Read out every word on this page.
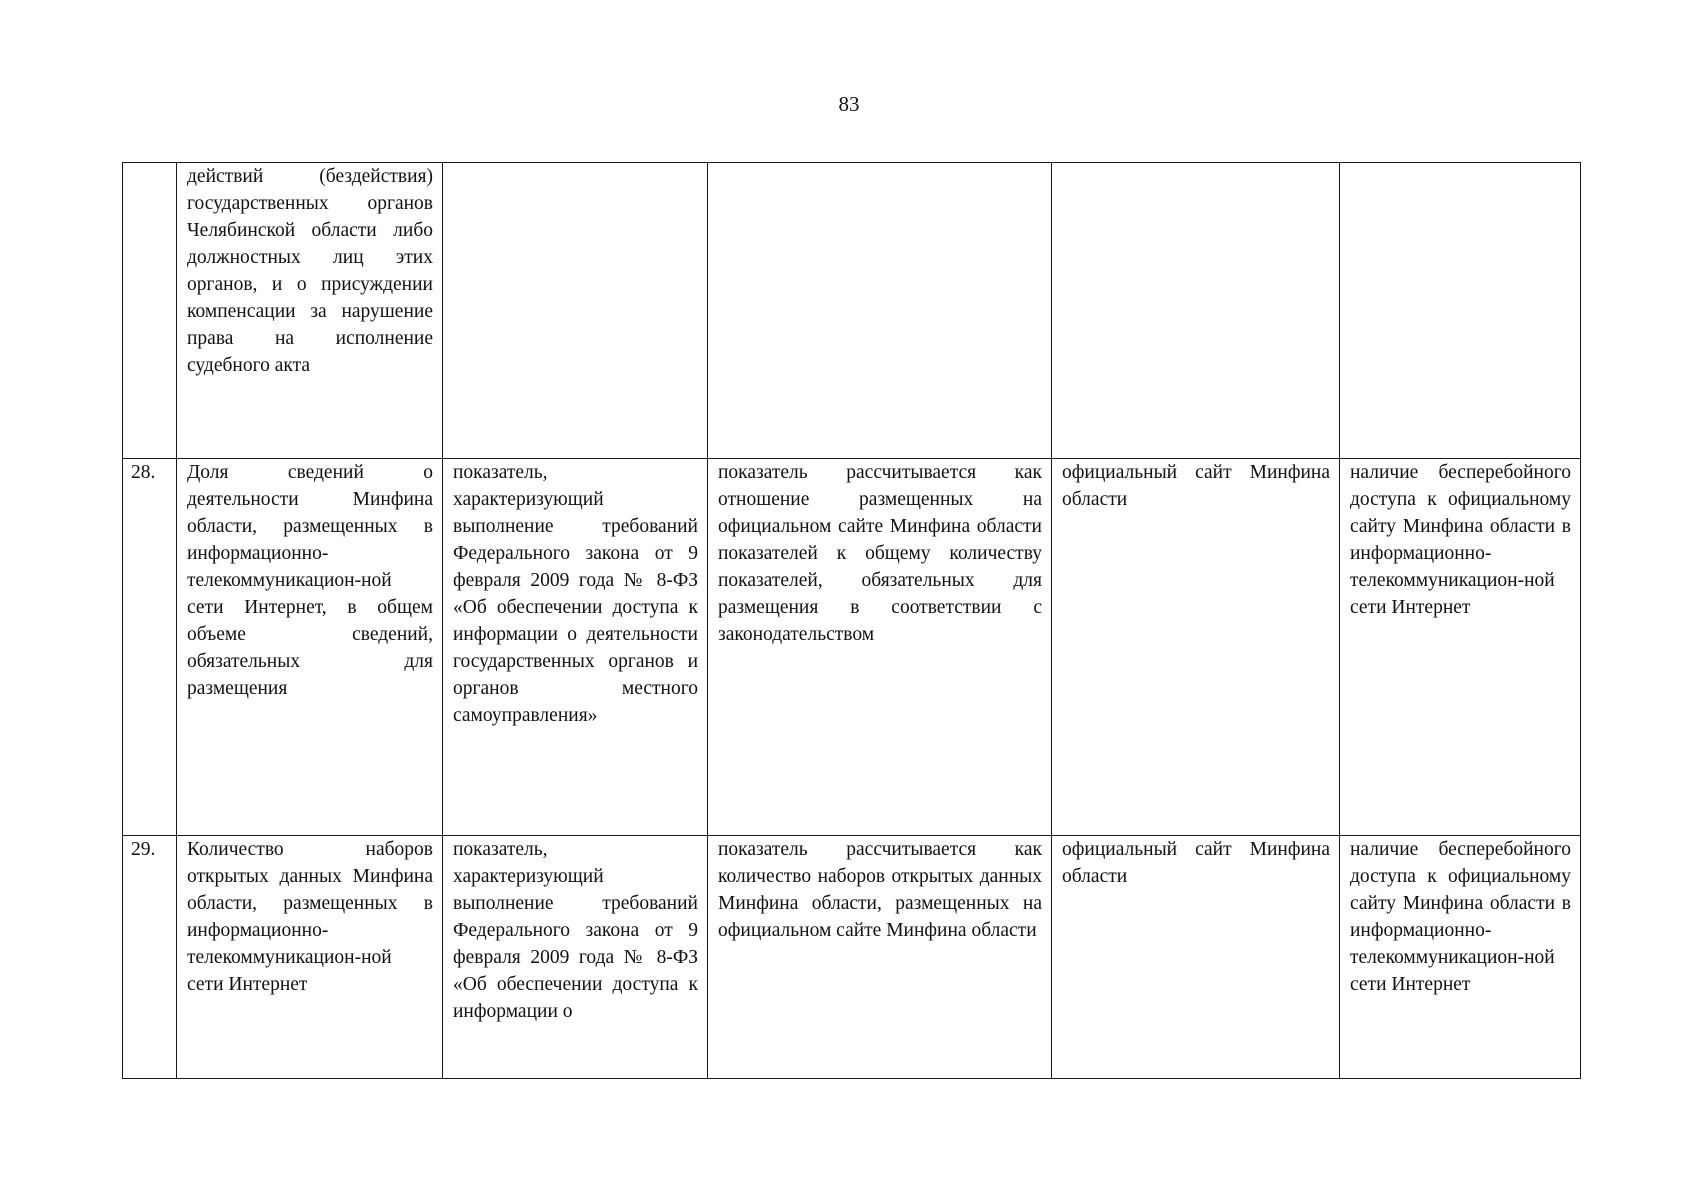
83

	действий (бездействия) государственных органов Челябинской области либо должностных лиц этих органов, и о присуждении компенсации за нарушение права на исполнение судебного акта				

28.	Доля сведений о деятельности Минфина области, размещенных в информационно-телекоммуникацион-ной сети Интернет, в общем объеме сведений, обязательных для размещения	показатель, характеризующий выполнение требований Федерального закона от 9 февраля 2009 года № 8-ФЗ «Об обеспечении доступа к информации о деятельности государственных органов и органов местного самоуправления»	показатель рассчитывается как отношение размещенных на официальном сайте Минфина области показателей к общему количеству показателей, обязательных для размещения в соответствии с законодательством	официальный сайт Минфина области	наличие бесперебойного доступа к официальному сайту Минфина области в информационно-телекоммуникацион-ной сети Интернет

29.	Количество наборов открытых данных Минфина области, размещенных в информационно-телекоммуникацион-ной сети Интернет	показатель, характеризующий выполнение требований Федерального закона от 9 февраля 2009 года № 8-ФЗ «Об обеспечении доступа к информации о	показатель рассчитывается как количество наборов открытых данных Минфина области, размещенных на официальном сайте Минфина области	официальный сайт Минфина области	наличие бесперебойного доступа к официальному сайту Минфина области в информационно-телекоммуникацион-ной сети Интернет
